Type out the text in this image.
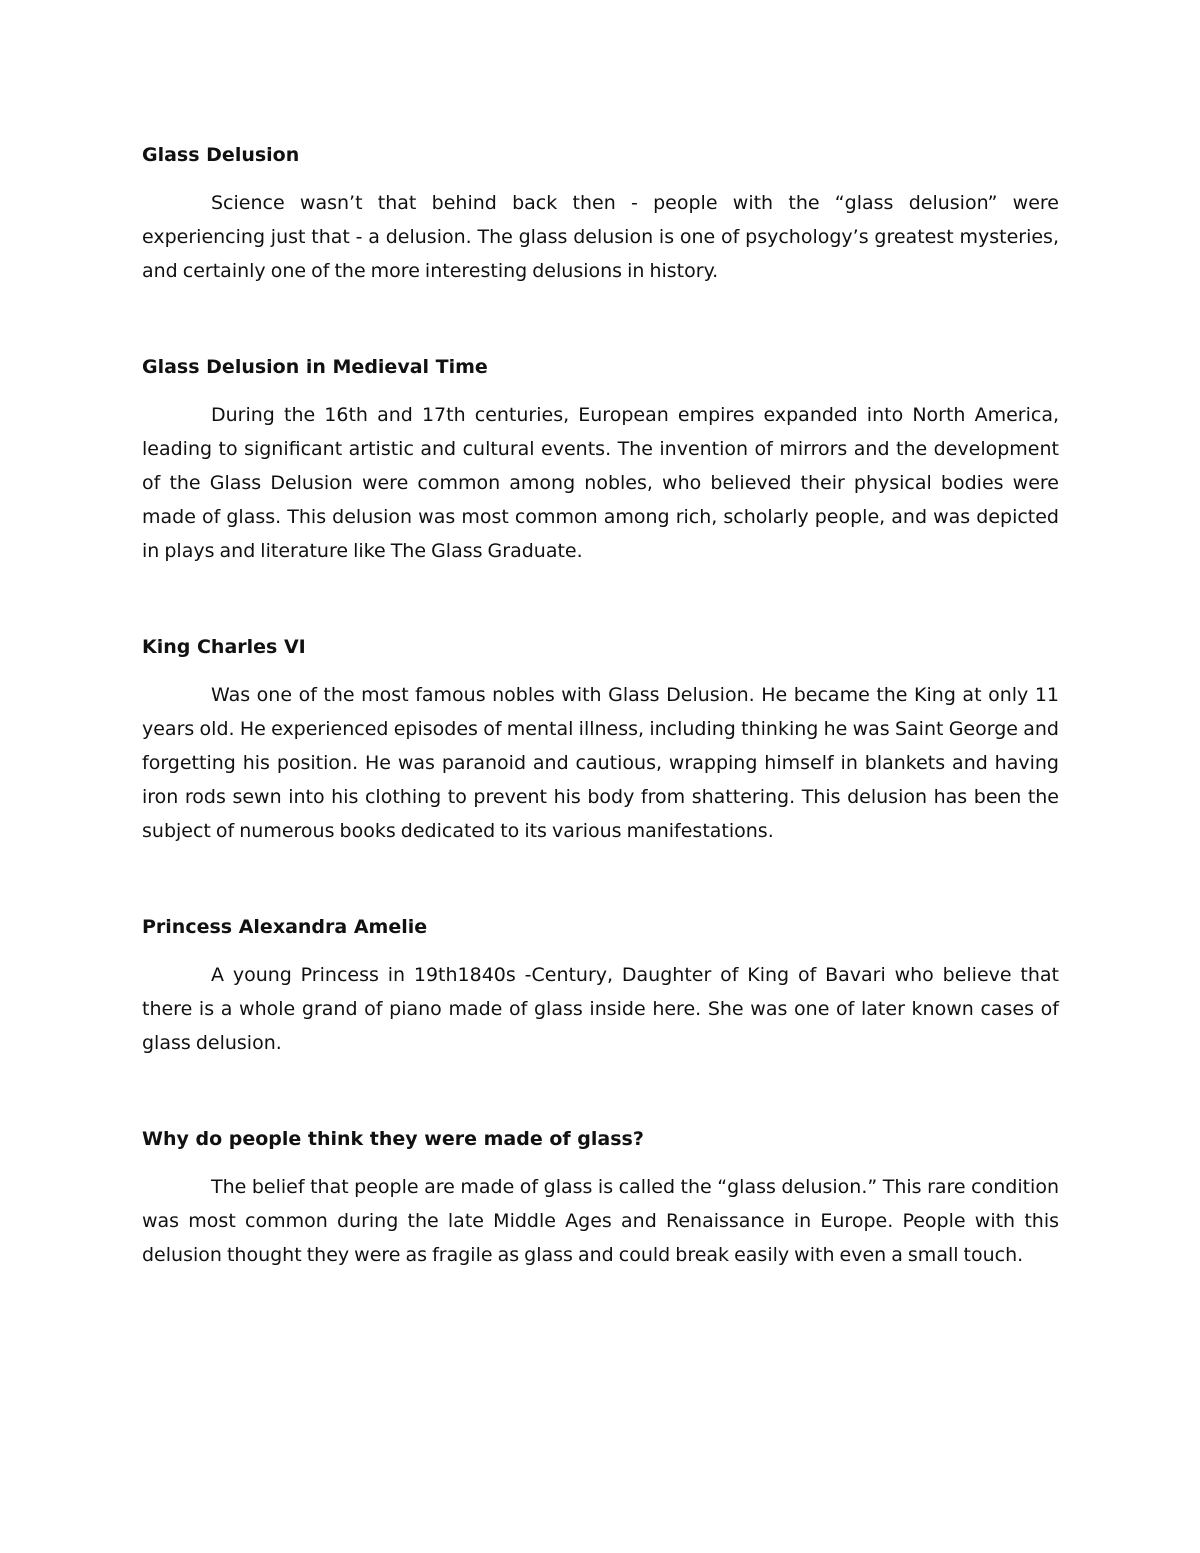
Glass Delusion

Science wasn’t that behind back then - people with the “glass delusion” were experiencing just that - a delusion. The glass delusion is one of psychology’s greatest mysteries, and certainly one of the more interesting delusions in history.

Glass Delusion in Medieval Time

During the 16th and 17th centuries, European empires expanded into North America, leading to significant artistic and cultural events. The invention of mirrors and the development of the Glass Delusion were common among nobles, who believed their physical bodies were made of glass. This delusion was most common among rich, scholarly people, and was depicted in plays and literature like The Glass Graduate.

King Charles VI

Was one of the most famous nobles with Glass Delusion. He became the King at only 11 years old. He experienced episodes of mental illness, including thinking he was Saint George and forgetting his position. He was paranoid and cautious, wrapping himself in blankets and having iron rods sewn into his clothing to prevent his body from shattering. This delusion has been the subject of numerous books dedicated to its various manifestations.

Princess Alexandra Amelie

A young Princess in 19th1840s -Century, Daughter of King of Bavari who believe that there is a whole grand of piano made of glass inside here. She was one of later known cases of glass delusion.

Why do people think they were made of glass?

The belief that people are made of glass is called the “glass delusion.” This rare condition was most common during the late Middle Ages and Renaissance in Europe. People with this delusion thought they were as fragile as glass and could break easily with even a small touch.
